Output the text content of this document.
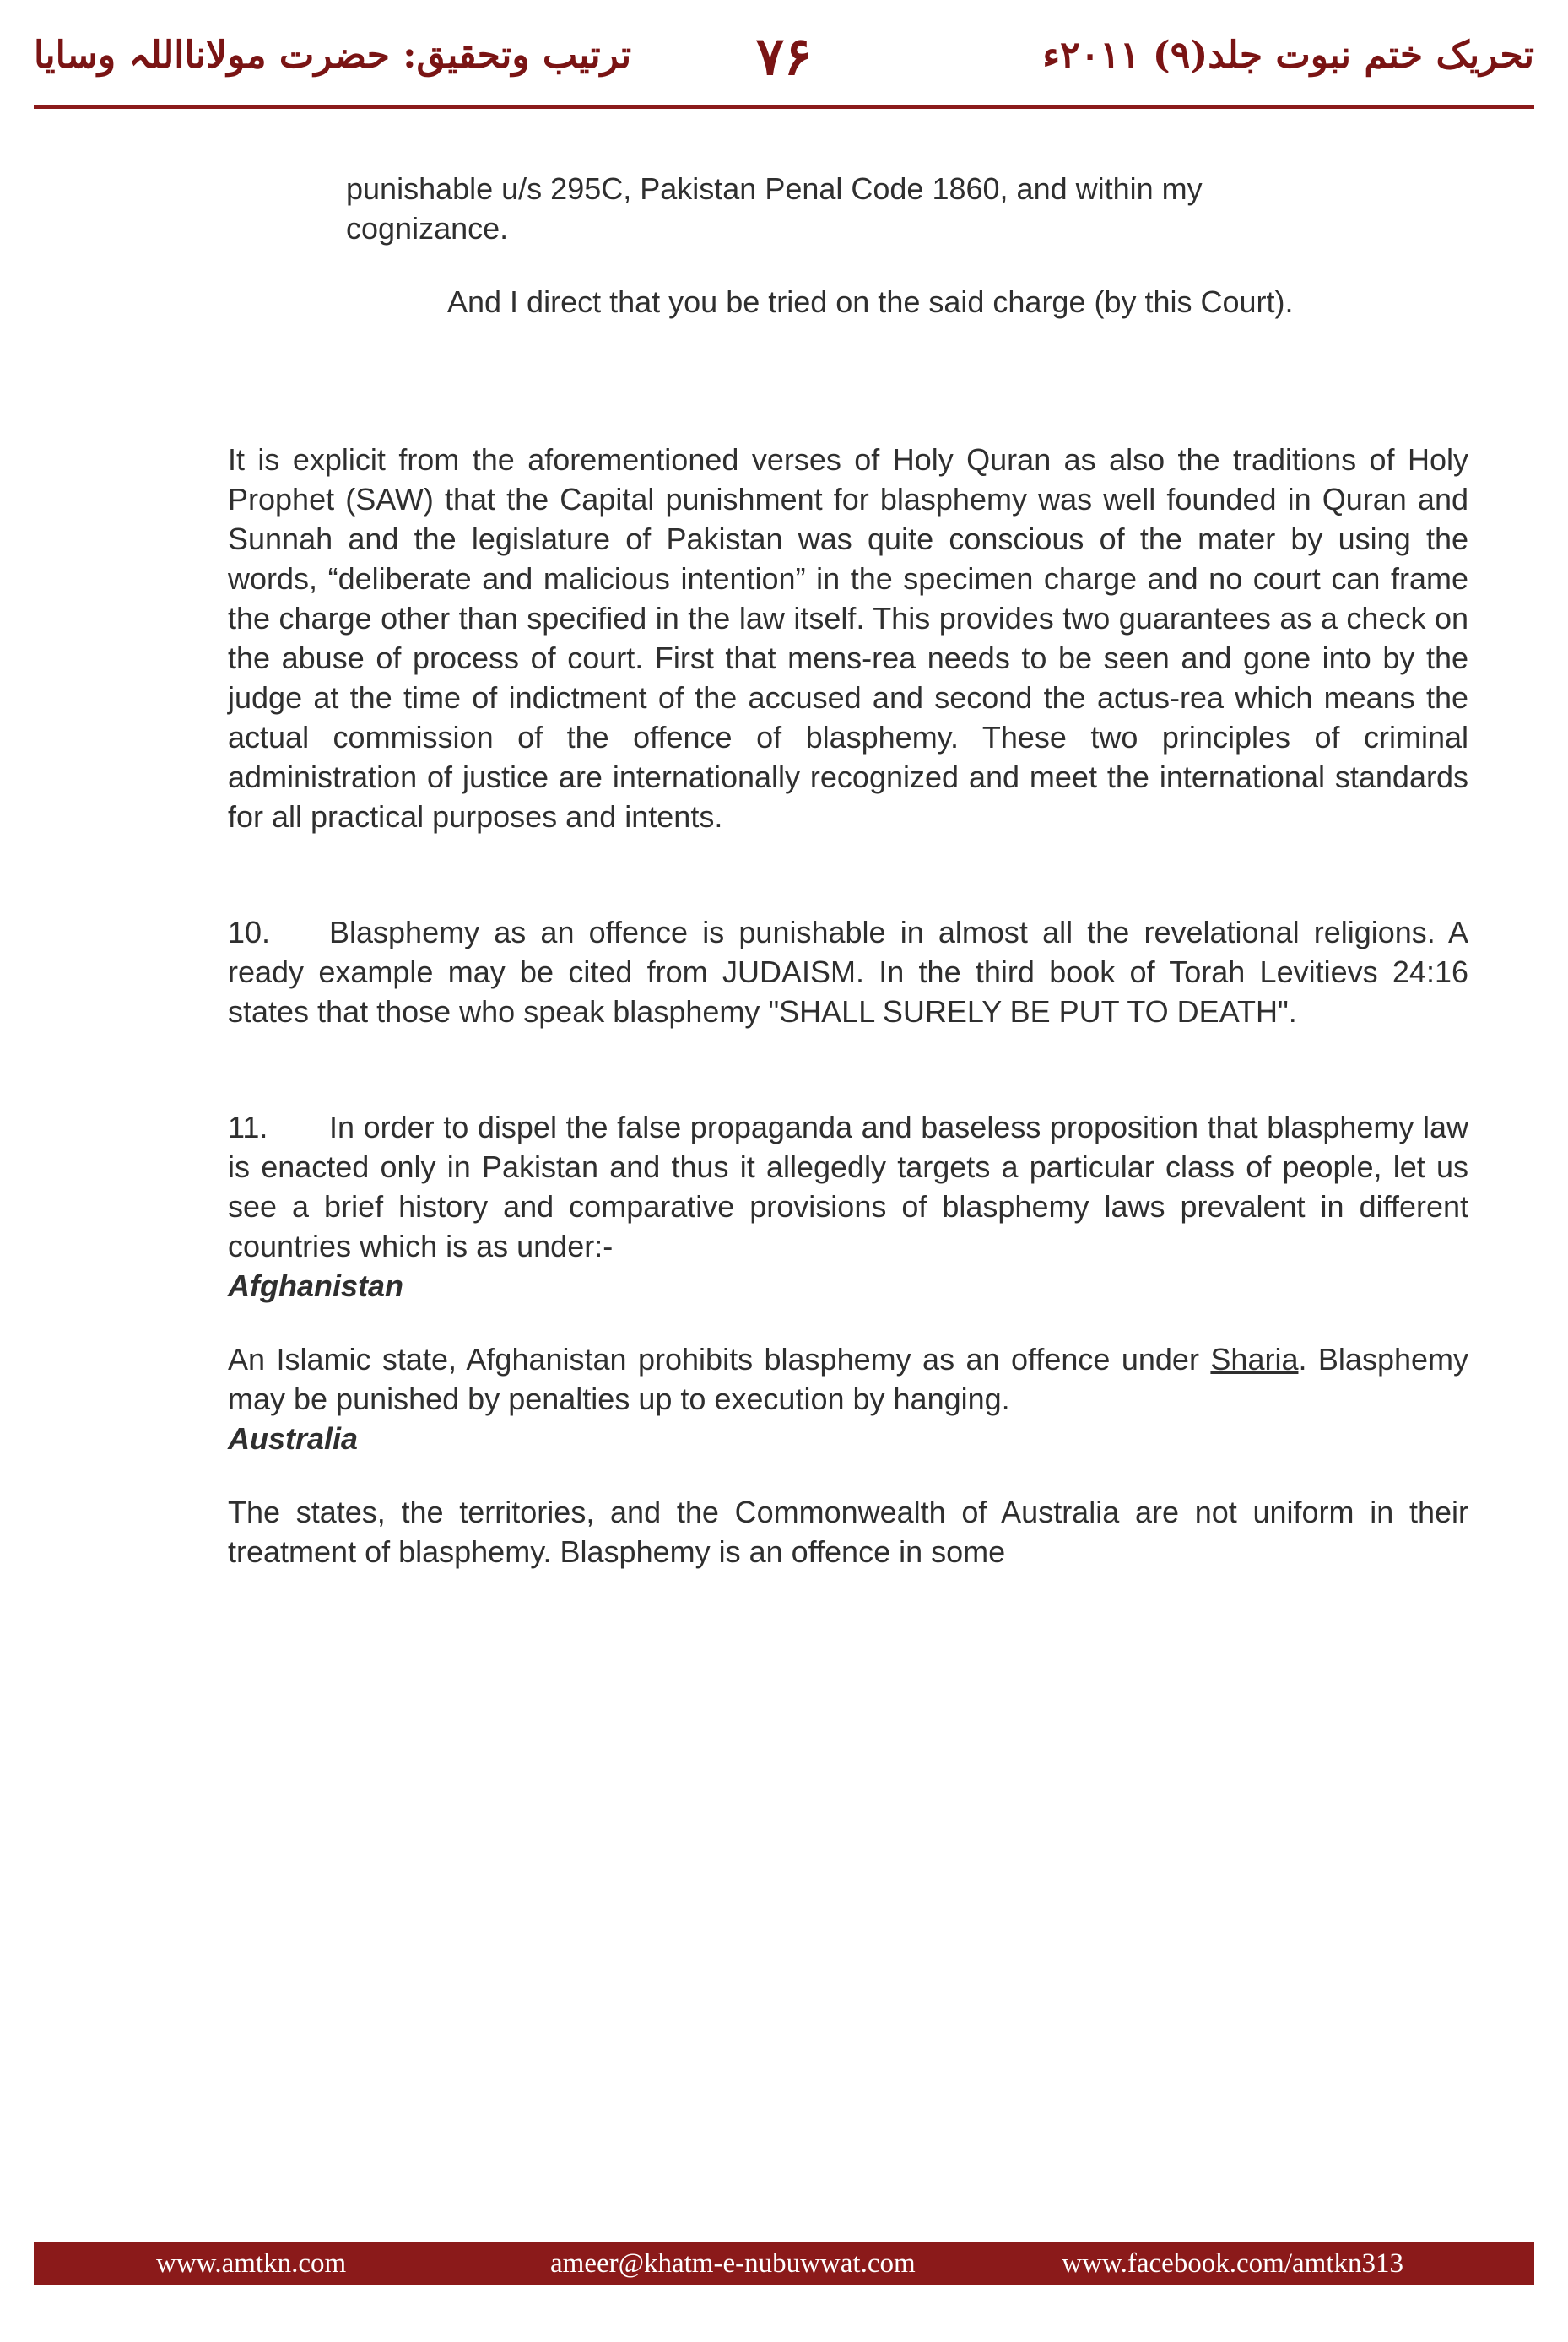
تحریک ختم نبوت جلد(۹) ۲۰۱۱ء
۷۶
ترتیب وتحقیق: حضرت مولانااللہ وسایا

punishable u/s 295C, Pakistan Penal Code 1860, and within my

cognizance.

And I direct that you be tried on the said charge (by this Court).

It is explicit from the aforementioned verses of Holy Quran as also the traditions of Holy Prophet (SAW) that the Capital punishment for blasphemy was well founded in Quran and Sunnah and the legislature of Pakistan was quite conscious of the mater by using the words, “deliberate and malicious intention” in the specimen charge and no court can frame the charge other than specified in the law itself. This provides two guarantees as a check on the abuse of process of court. First that mens-rea needs to be seen and gone into by the judge at the time of indictment of the accused and second the actus-rea which means the actual commission of the offence of blasphemy. These two principles of criminal administration of justice are internationally recognized and meet the international standards for all practical purposes and intents.

10. Blasphemy as an offence is punishable in almost all the revelational religions. A ready example may be cited from JUDAISM. In the third book of Torah Levitievs 24:16 states that those who speak blasphemy "SHALL SURELY BE PUT TO DEATH".

11. In order to dispel the false propaganda and baseless proposition that blasphemy law is enacted only in Pakistan and thus it allegedly targets a particular class of people, let us see a brief history and comparative provisions of blasphemy laws prevalent in different countries which is as under:-

Afghanistan

An Islamic state, Afghanistan prohibits blasphemy as an offence under Sharia. Blasphemy may be punished by penalties up to execution by hanging.

Australia

The states, the territories, and the Commonwealth of Australia are not uniform in their treatment of blasphemy. Blasphemy is an offence in some

www.amtkn.com	ameer@khatm-e-nubuwwat.com	www.facebook.com/amtkn313
